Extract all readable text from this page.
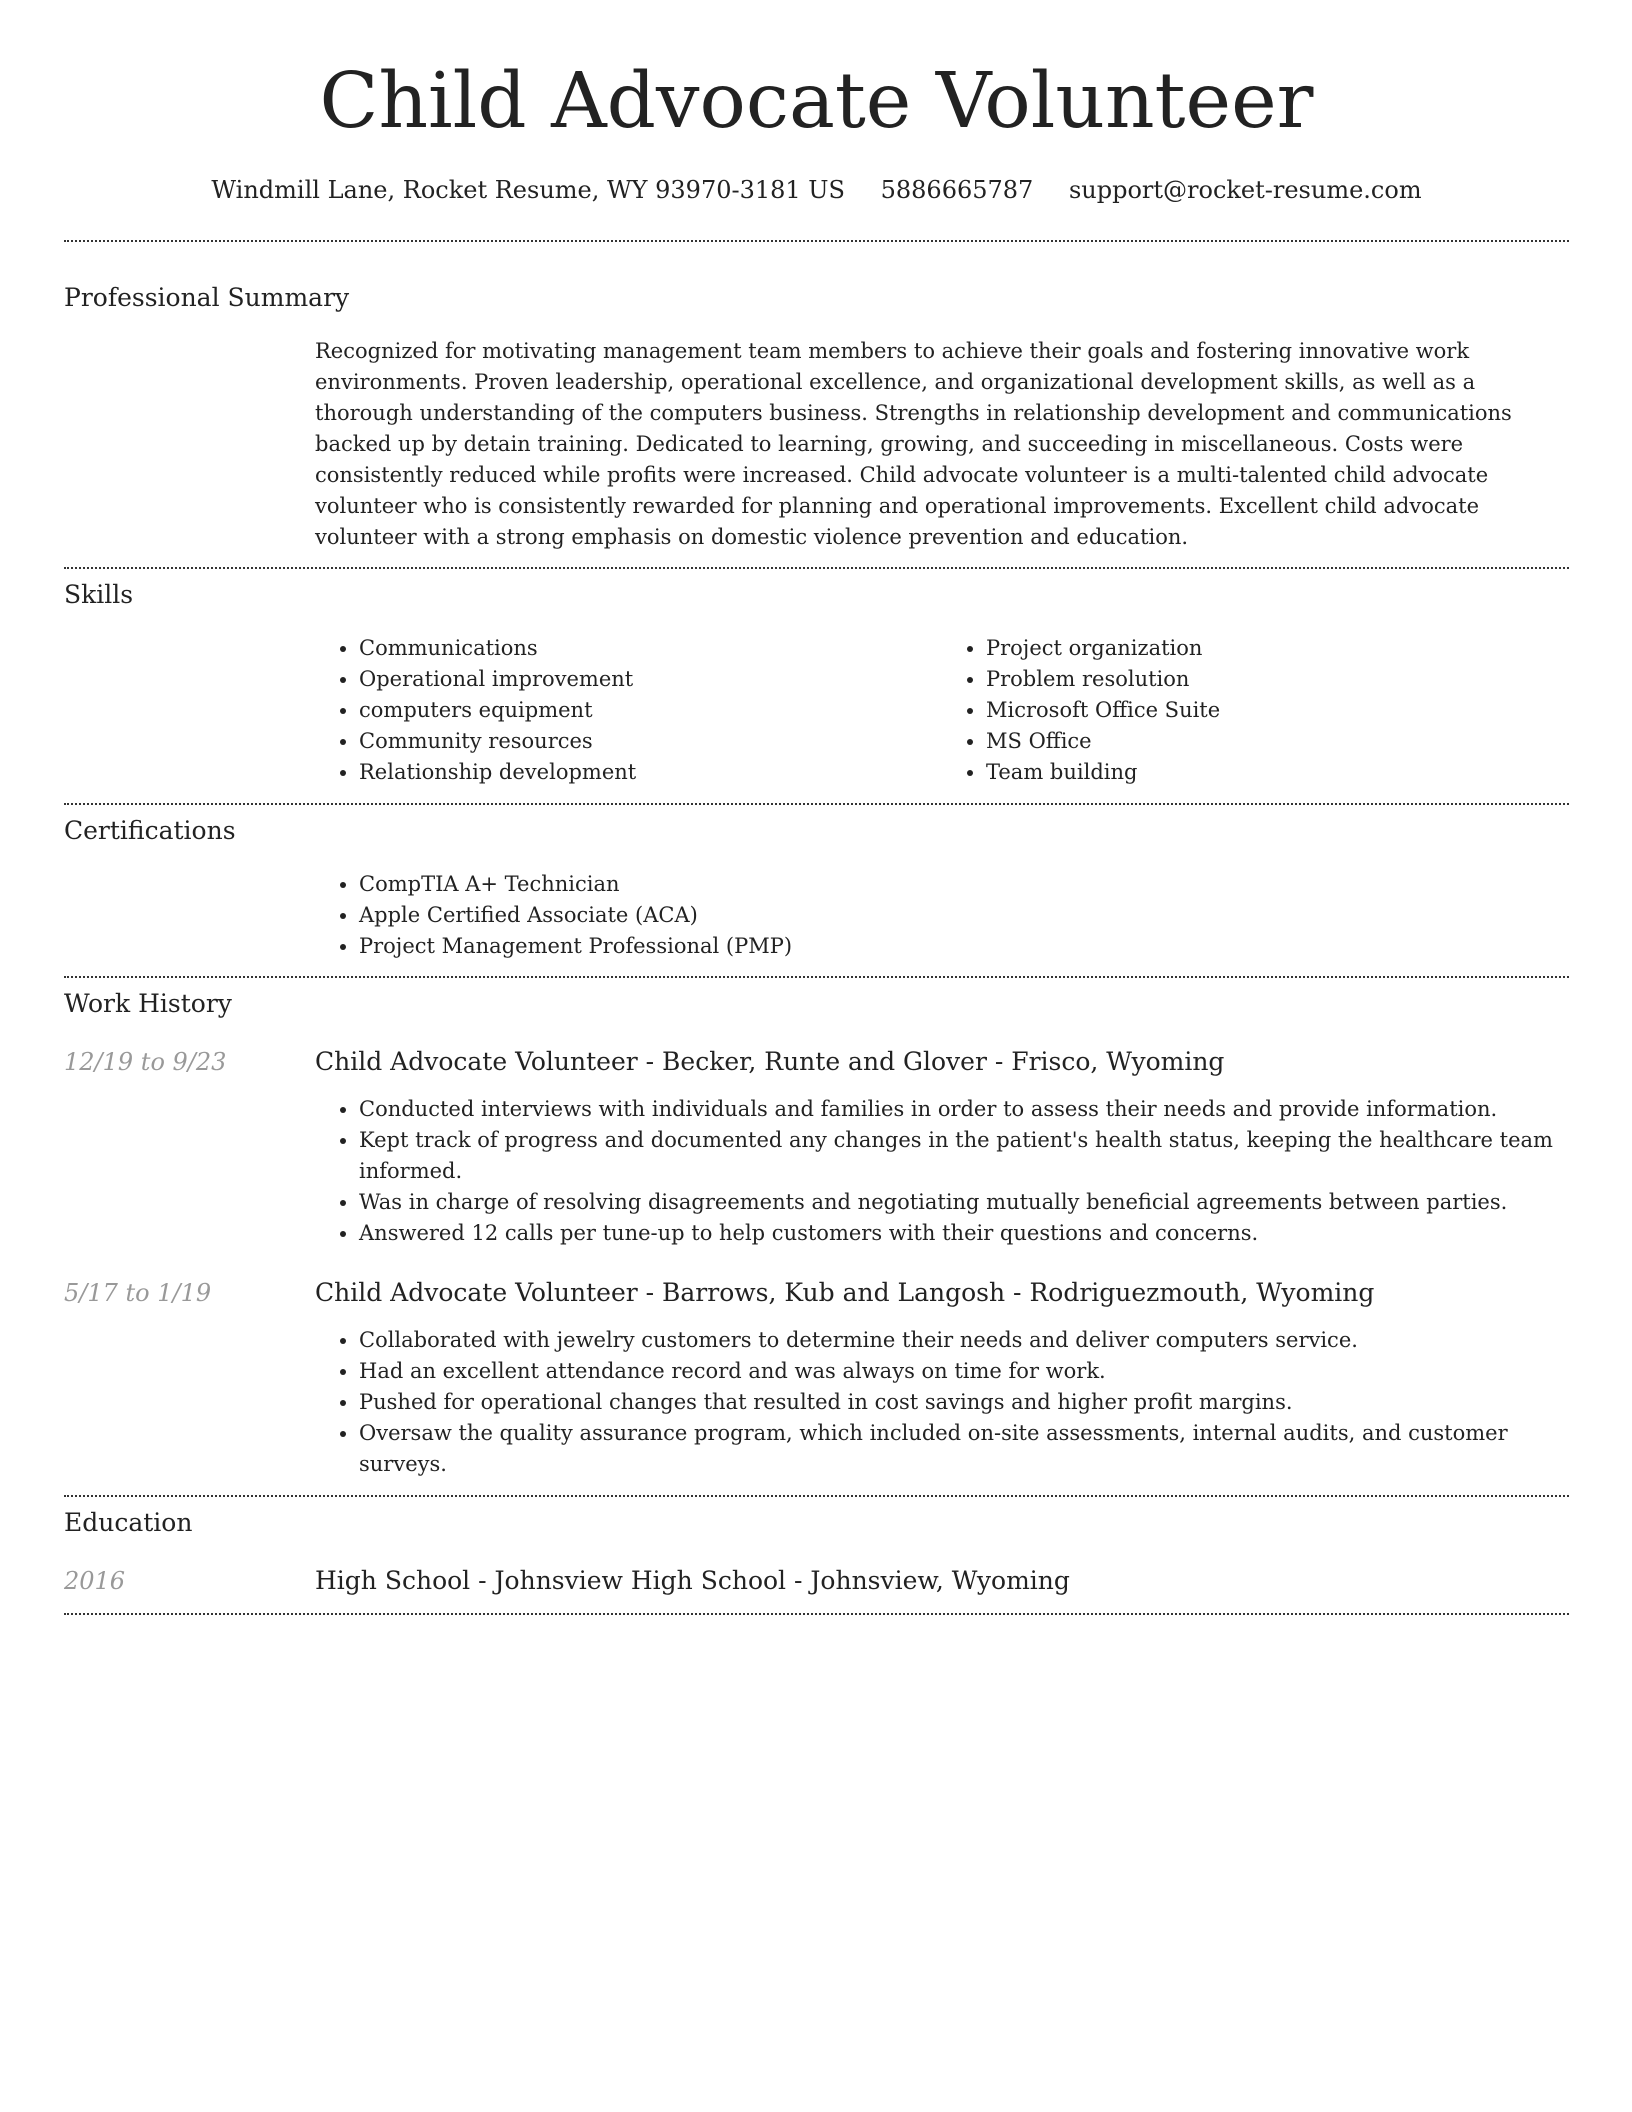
Child Advocate Volunteer
Windmill Lane, Rocket Resume, WY 93970-3181 US 5886665787 support@rocket-resume.com
Professional Summary

Recognized for motivating management team members to achieve their goals and fostering innovative work environments. Proven leadership, operational excellence, and organizational development skills, as well as a thorough understanding of the computers business. Strengths in relationship development and communications backed up by detain training. Dedicated to learning, growing, and succeeding in miscellaneous. Costs were consistently reduced while profits were increased. Child advocate volunteer is a multi-talented child advocate volunteer who is consistently rewarded for planning and operational improvements. Excellent child advocate volunteer with a strong emphasis on domestic violence prevention and education.

Skills
• Communications
• Operational improvement
• computers equipment
• Community resources
• Relationship development
• Project organization
• Problem resolution
• Microsoft Office Suite
• MS Office
• Team building
Certifications
• CompTIA A+ Technician
• Apple Certified Associate (ACA)
• Project Management Professional (PMP)
Work History
12/19 to 9/23	Child Advocate Volunteer - Becker, Runte and Glover - Frisco, Wyoming
• Conducted interviews with individuals and families in order to assess their needs and provide information.
• Kept track of progress and documented any changes in the patient's health status, keeping the healthcare team informed.
• Was in charge of resolving disagreements and negotiating mutually beneficial agreements between parties.
• Answered 12 calls per tune-up to help customers with their questions and concerns.
5/17 to 1/19	Child Advocate Volunteer - Barrows, Kub and Langosh - Rodriguezmouth, Wyoming
• Collaborated with jewelry customers to determine their needs and deliver computers service.
• Had an excellent attendance record and was always on time for work.
• Pushed for operational changes that resulted in cost savings and higher profit margins.
• Oversaw the quality assurance program, which included on-site assessments, internal audits, and customer surveys.
Education
2016	High School - Johnsview High School - Johnsview, Wyoming
